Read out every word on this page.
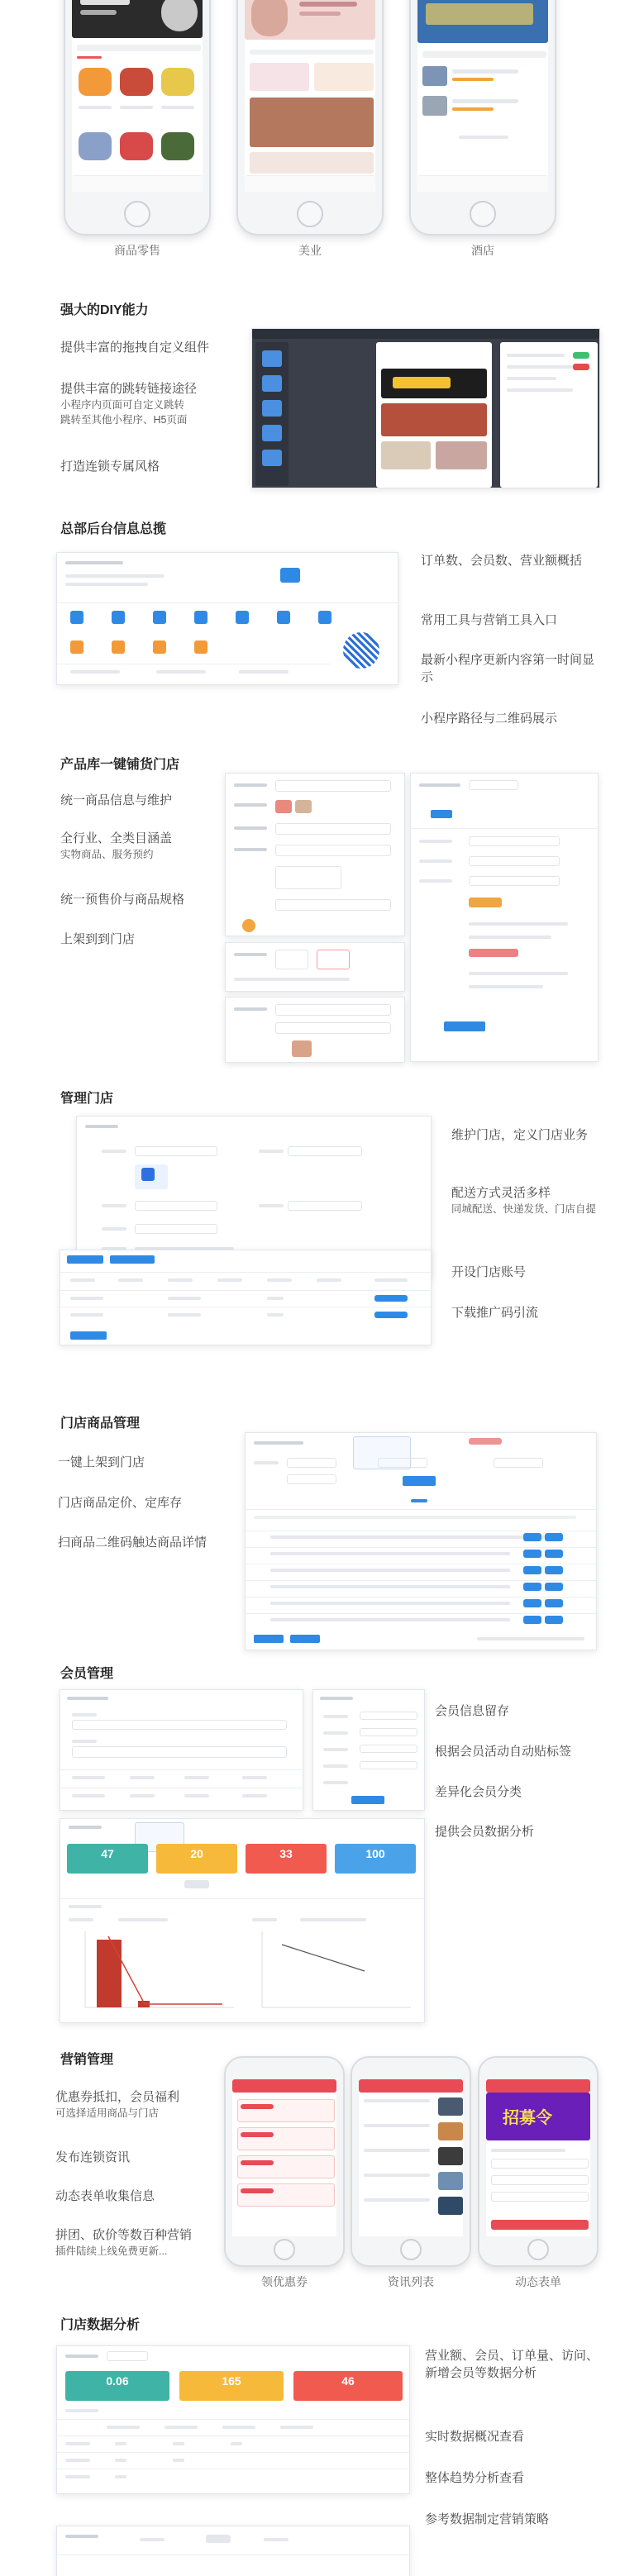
商品零售	美业	酒店
强大的DIY能力
提供丰富的拖拽自定义组件
提供丰富的跳转链接途径
小程序内页面可自定义跳转
跳转至其他小程序、H5页面
打造连锁专属风格
总部后台信息总揽
订单数、会员数、营业额概括
常用工具与营销工具入口
最新小程序更新内容第一时间显示
小程序路径与二维码展示
产品库一键铺货门店
统一商品信息与维护
全行业、全类目涵盖
实物商品、服务预约
统一预售价与商品规格
上架到到门店
管理门店
维护门店，定义门店业务
配送方式灵活多样
同城配送、快递发货、门店自提
开设门店账号
下载推广码引流
门店商品管理
一键上架到门店
门店商品定价、定库存
扫商品二维码触达商品详情
会员管理
47	20	33	100
会员信息留存
根据会员活动自动贴标签
差异化会员分类
提供会员数据分析
营销管理
优惠券抵扣，会员福利
可选择适用商品与门店
发布连锁资讯
动态表单收集信息
拼团、砍价等数百种营销
插件陆续上线免费更新...
领优惠券	资讯列表
招募令
动态表单
门店数据分析
0.06	165	46
营业额、会员、订单量、访问、新增会员等数据分析
实时数据概况查看
整体趋势分析查看
参考数据制定营销策略
